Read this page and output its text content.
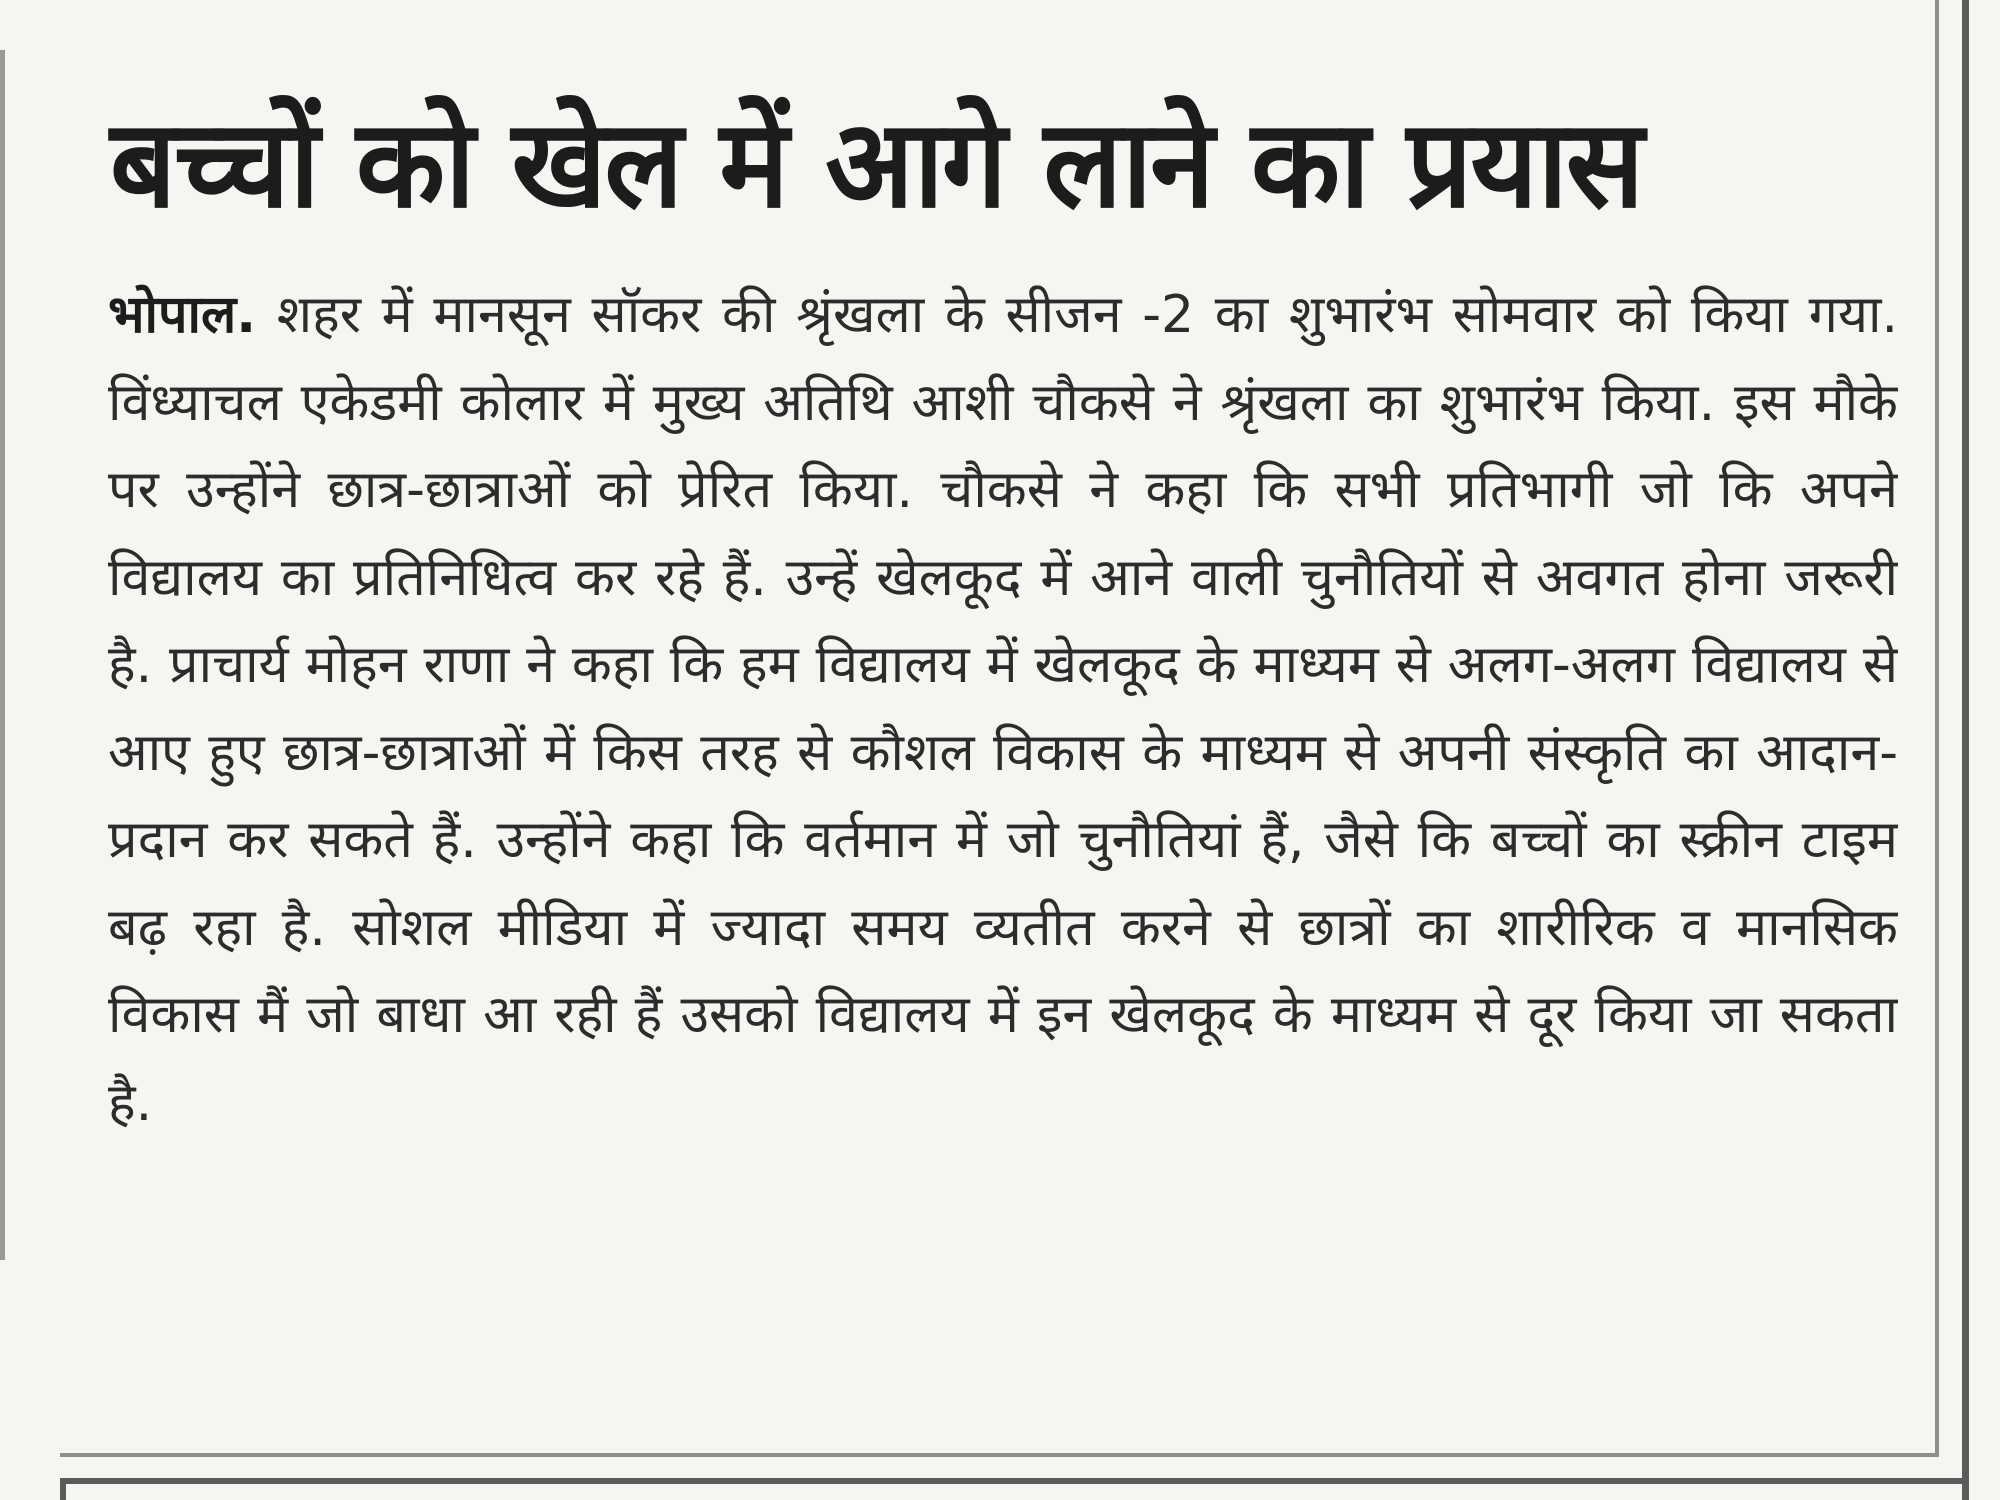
बच्चों को खेल में आगे लाने का प्रयास

भोपाल. शहर में मानसून सॉकर की श्रृंखला के सीजन -2 का शुभारंभ सोमवार को किया गया. विंध्याचल एकेडमी कोलार में मुख्य अतिथि आशी चौकसे ने श्रृंखला का शुभारंभ किया. इस मौके पर उन्होंने छात्र-छात्राओं को प्रेरित किया. चौकसे ने कहा कि सभी प्रतिभागी जो कि अपने विद्यालय का प्रतिनिधित्व कर रहे हैं. उन्हें खेलकूद में आने वाली चुनौतियों से अवगत होना जरूरी है. प्राचार्य मोहन राणा ने कहा कि हम विद्यालय में खेलकूद के माध्यम से अलग-अलग विद्यालय से आए हुए छात्र-छात्राओं में किस तरह से कौशल विकास के माध्यम से अपनी संस्कृति का आदान-प्रदान कर सकते हैं. उन्होंने कहा कि वर्तमान में जो चुनौतियां हैं, जैसे कि बच्चों का स्क्रीन टाइम बढ़ रहा है. सोशल मीडिया में ज्यादा समय व्यतीत करने से छात्रों का शारीरिक व मानसिक विकास मैं जो बाधा आ रही हैं उसको विद्यालय में इन खेलकूद के माध्यम से दूर किया जा सकता है.
